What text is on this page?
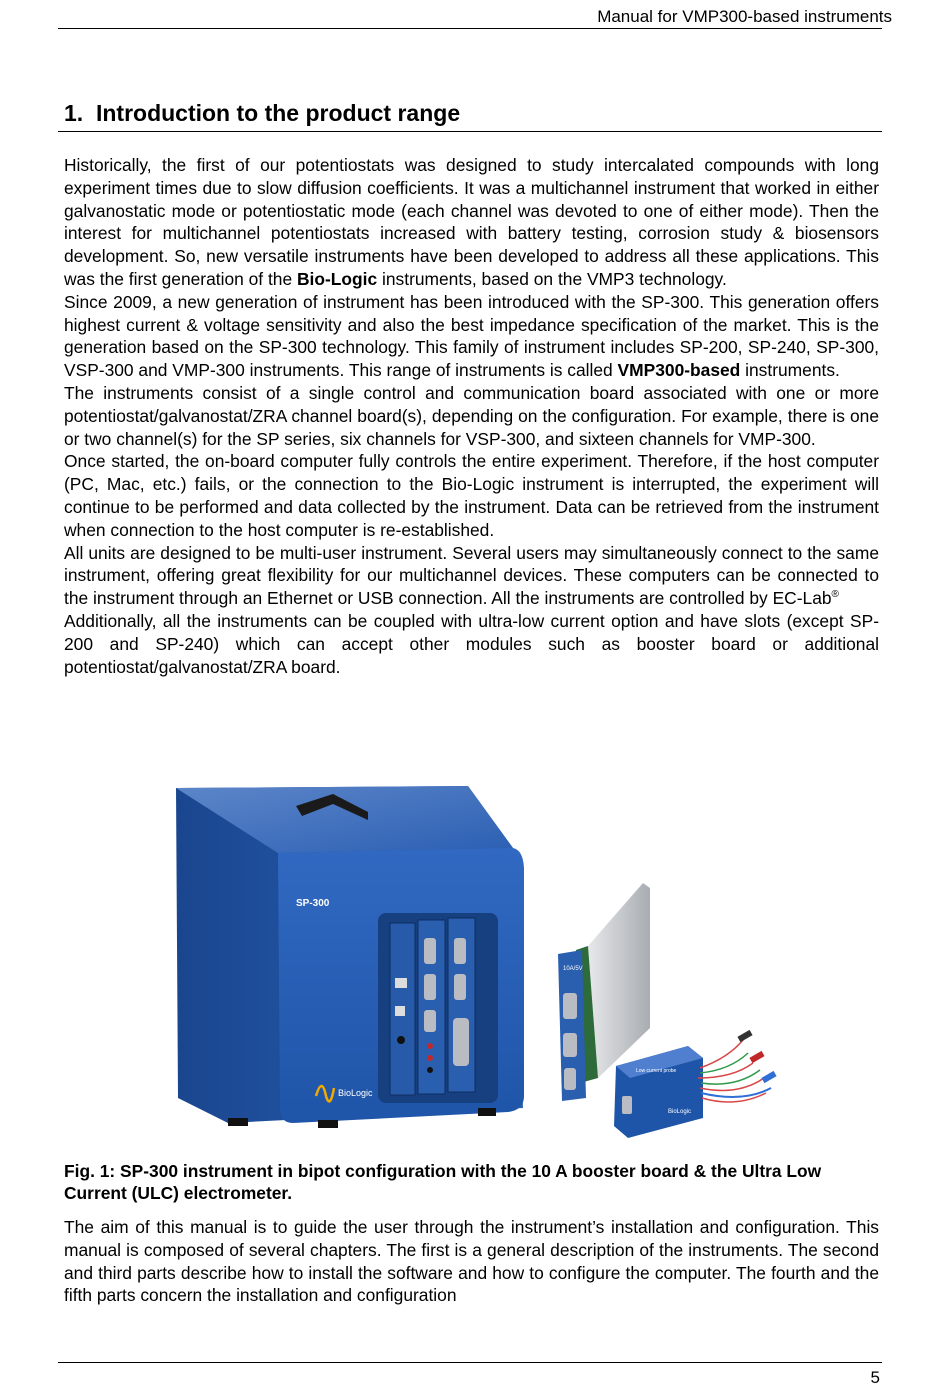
Manual for VMP300-based instruments
1. Introduction to the product range

Historically, the first of our potentiostats was designed to study intercalated compounds with long experiment times due to slow diffusion coefficients. It was a multichannel instrument that worked in either galvanostatic mode or potentiostatic mode (each channel was devoted to one of either mode). Then the interest for multichannel potentiostats increased with battery testing, corrosion study & biosensors development. So, new versatile instruments have been developed to address all these applications. This was the first generation of the Bio-Logic instruments, based on the VMP3 technology.

Since 2009, a new generation of instrument has been introduced with the SP-300. This generation offers highest current & voltage sensitivity and also the best impedance specification of the market. This is the generation based on the SP-300 technology. This family of instrument includes SP-200, SP-240, SP-300, VSP-300 and VMP-300 instruments. This range of instruments is called VMP300-based instruments.

The instruments consist of a single control and communication board associated with one or more potentiostat/galvanostat/ZRA channel board(s), depending on the configuration. For example, there is one or two channel(s) for the SP series, six channels for VSP-300, and sixteen channels for VMP-300.

Once started, the on-board computer fully controls the entire experiment. Therefore, if the host computer (PC, Mac, etc.) fails, or the connection to the Bio-Logic instrument is interrupted, the experiment will continue to be performed and data collected by the instrument. Data can be retrieved from the instrument when connection to the host computer is re-established.

All units are designed to be multi-user instrument. Several users may simultaneously connect to the same instrument, offering great flexibility for our multichannel devices. These computers can be connected to the instrument through an Ethernet or USB connection. All the instruments are controlled by EC-Lab®

Additionally, all the instruments can be coupled with ultra-low current option and have slots (except SP-200 and SP-240) which can accept other modules such as booster board or additional potentiostat/galvanostat/ZRA board.

SP-300
BioLogic
10A/5V
Low current probe
BioLogic
Fig. 1: SP-300 instrument in bipot configuration with the 10 A booster board & the Ultra Low Current (ULC) electrometer.

The aim of this manual is to guide the user through the instrument’s installation and configuration. This manual is composed of several chapters. The first is a general description of the instruments. The second and third parts describe how to install the software and how to configure the computer. The fourth and the fifth parts concern the installation and configuration

5
